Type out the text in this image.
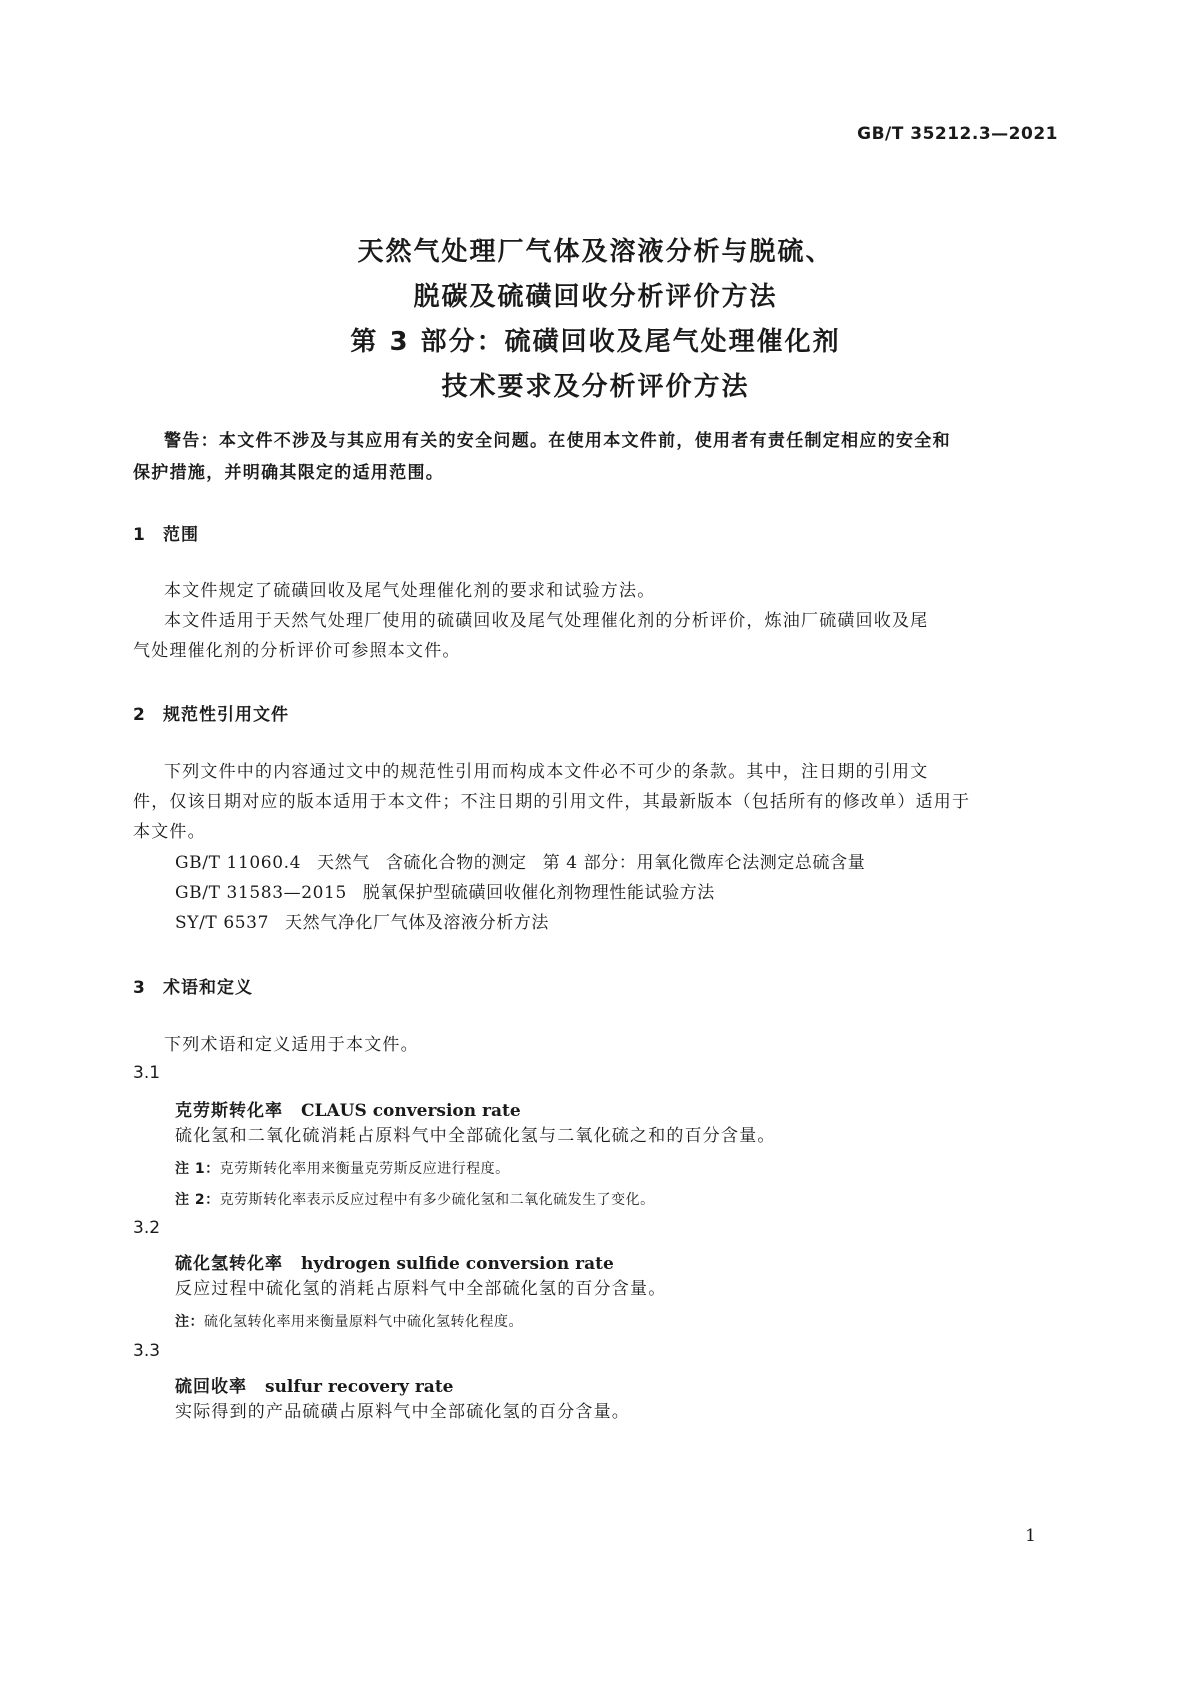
GB/T 35212.3—2021
天然气处理厂气体及溶液分析与脱硫、
脱碳及硫磺回收分析评价方法
第 3 部分：硫磺回收及尾气处理催化剂
技术要求及分析评价方法
警告：本文件不涉及与其应用有关的安全问题。在使用本文件前，使用者有责任制定相应的安全和
保护措施，并明确其限定的适用范围。
1 范围
本文件规定了硫磺回收及尾气处理催化剂的要求和试验方法。
本文件适用于天然气处理厂使用的硫磺回收及尾气处理催化剂的分析评价，炼油厂硫磺回收及尾
气处理催化剂的分析评价可参照本文件。
2 规范性引用文件
下列文件中的内容通过文中的规范性引用而构成本文件必不可少的条款。其中，注日期的引用文
件，仅该日期对应的版本适用于本文件；不注日期的引用文件，其最新版本（包括所有的修改单）适用于
本文件。
GB/T 11060.4 天然气 含硫化合物的测定 第 4 部分：用氧化微库仑法测定总硫含量
GB/T 31583—2015 脱氧保护型硫磺回收催化剂物理性能试验方法
SY/T 6537 天然气净化厂气体及溶液分析方法
3 术语和定义
下列术语和定义适用于本文件。
3.1
克劳斯转化率 CLAUS conversion rate
硫化氢和二氧化硫消耗占原料气中全部硫化氢与二氧化硫之和的百分含量。
注 1：克劳斯转化率用来衡量克劳斯反应进行程度。
注 2：克劳斯转化率表示反应过程中有多少硫化氢和二氧化硫发生了变化。
3.2
硫化氢转化率 hydrogen sulfide conversion rate
反应过程中硫化氢的消耗占原料气中全部硫化氢的百分含量。
注：硫化氢转化率用来衡量原料气中硫化氢转化程度。
3.3
硫回收率 sulfur recovery rate
实际得到的产品硫磺占原料气中全部硫化氢的百分含量。
1
